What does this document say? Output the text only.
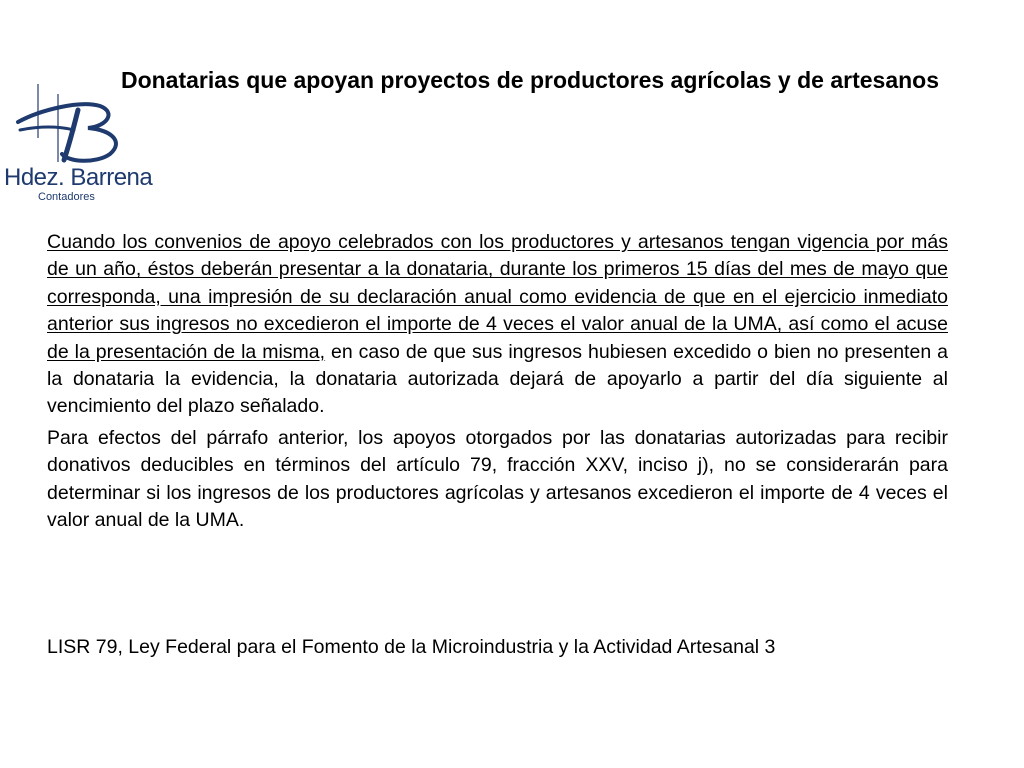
Hdez. Barrena
Contadores
Donatarias que apoyan proyectos de productores agrícolas y de artesanos

Cuando los convenios de apoyo celebrados con los productores y artesanos tengan vigencia por más de un año, éstos deberán presentar a la donataria, durante los primeros 15 días del mes de mayo que corresponda, una impresión de su declaración anual como evidencia de que en el ejercicio inmediato anterior sus ingresos no excedieron el importe de 4 veces el valor anual de la UMA, así como el acuse de la presentación de la misma, en caso de que sus ingresos hubiesen excedido o bien no presenten a la donataria la evidencia, la donataria autorizada dejará de apoyarlo a partir del día siguiente al vencimiento del plazo señalado.

Para efectos del párrafo anterior, los apoyos otorgados por las donatarias autorizadas para recibir donativos deducibles en términos del artículo 79, fracción XXV, inciso j), no se considerarán para determinar si los ingresos de los productores agrícolas y artesanos excedieron el importe de 4 veces el valor anual de la UMA.

LISR 79, Ley Federal para el Fomento de la Microindustria y la Actividad Artesanal 3
